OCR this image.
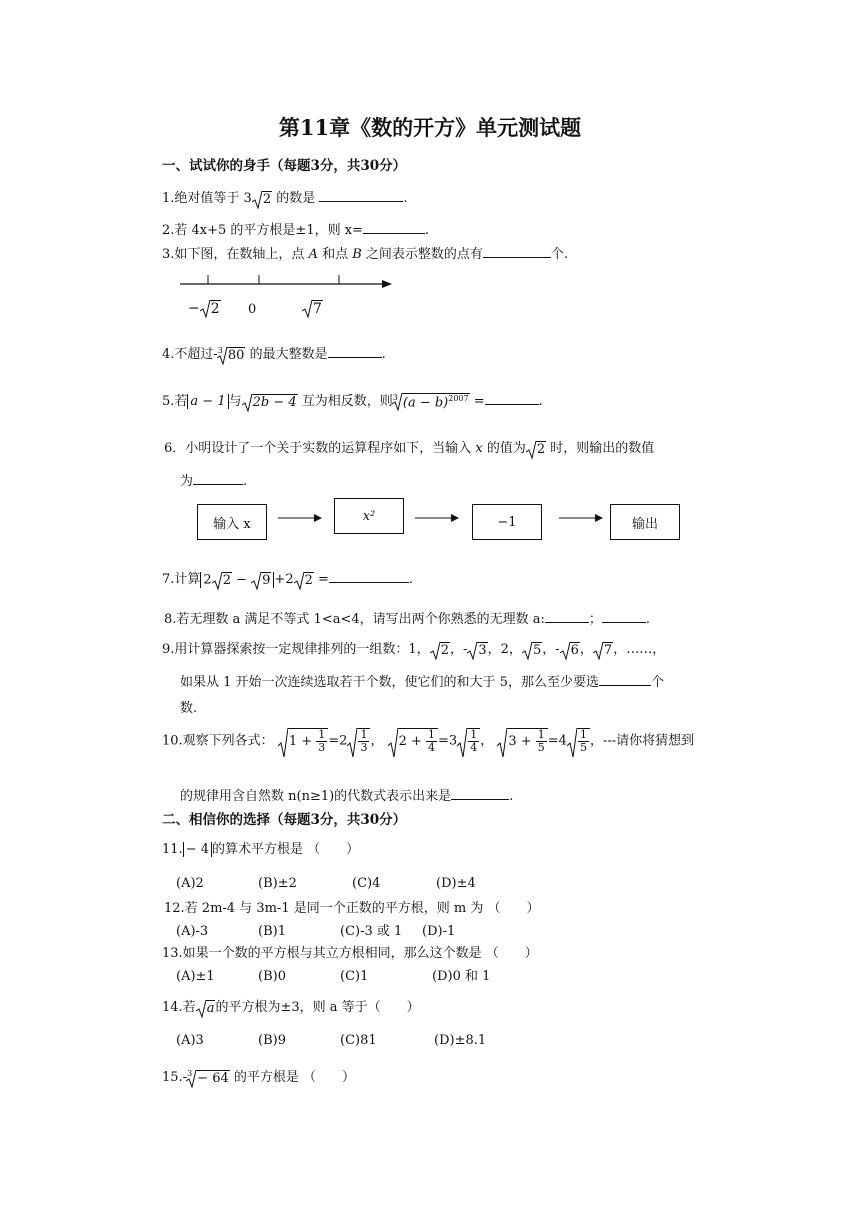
第11章《数的开方》单元测试题
一、试试你的身手（每题3分，共30分）
1.绝对值等于 3 2 的数是	.
2.若 4x+5 的平方根是±1，则 x=	.
3.如下图，在数轴上，点 A 和点 B 之间表示整数的点有	个.
− 2 0	7
4.不超过-$^3$ 80 的最大整数是	.
5.若 a − 1 与 2b − 4 互为相反数，则$^3$ $(a - b)^{2007}$ =	.
6．小明设计了一个关于实数的运算程序如下，当输入 x 的值为 2 时，则输出的数值
为	.
输入 x
x²	−1	输出
7.计算 2 2 −
9 +2 2 =	.
8.若无理数 a 满足不等式 1<a<4，请写出两个你熟悉的无理数 a:	；	.
9.用计算器探索按一定规律排列的一组数：1， 2，- 3，2， 5，- 6， 7，……，
如果从 1 开始一次连续选取若干个数，使它们的和大于 5，那么至少要选	个
数.
10.观察下列各式： $1 + \frac{1}{3} =2 \frac{1}{3}$ ，
$2 + \frac{1}{4} =3 \frac{1}{4}$ ，
$3 + \frac{1}{5} =4 \frac{1}{5}$ ，---请你将猜想到
的规律用含自然数 n(n≥1)的代数式表示出来是	.
二、相信你的选择（每题3分，共30分）
11. − 4 的算术平方根是 （　　）
(A)2	(B)±2	(C)4	(D)±4
12.若 2m-4 与 3m-1 是同一个正数的平方根，则 m 为 （　　）
(A)-3	(B)1	(C)-3 或 1 (D)-1
13.如果一个数的平方根与其立方根相同，那么这个数是 （　　）
(A)±1	(B)0	(C)1	(D)0 和 1
14.若 a的平方根为±3，则 a 等于（　　）
(A)3	(B)9	(C)81	(D)±8.1
15.-$^3$ − 64 的平方根是 （　　）
